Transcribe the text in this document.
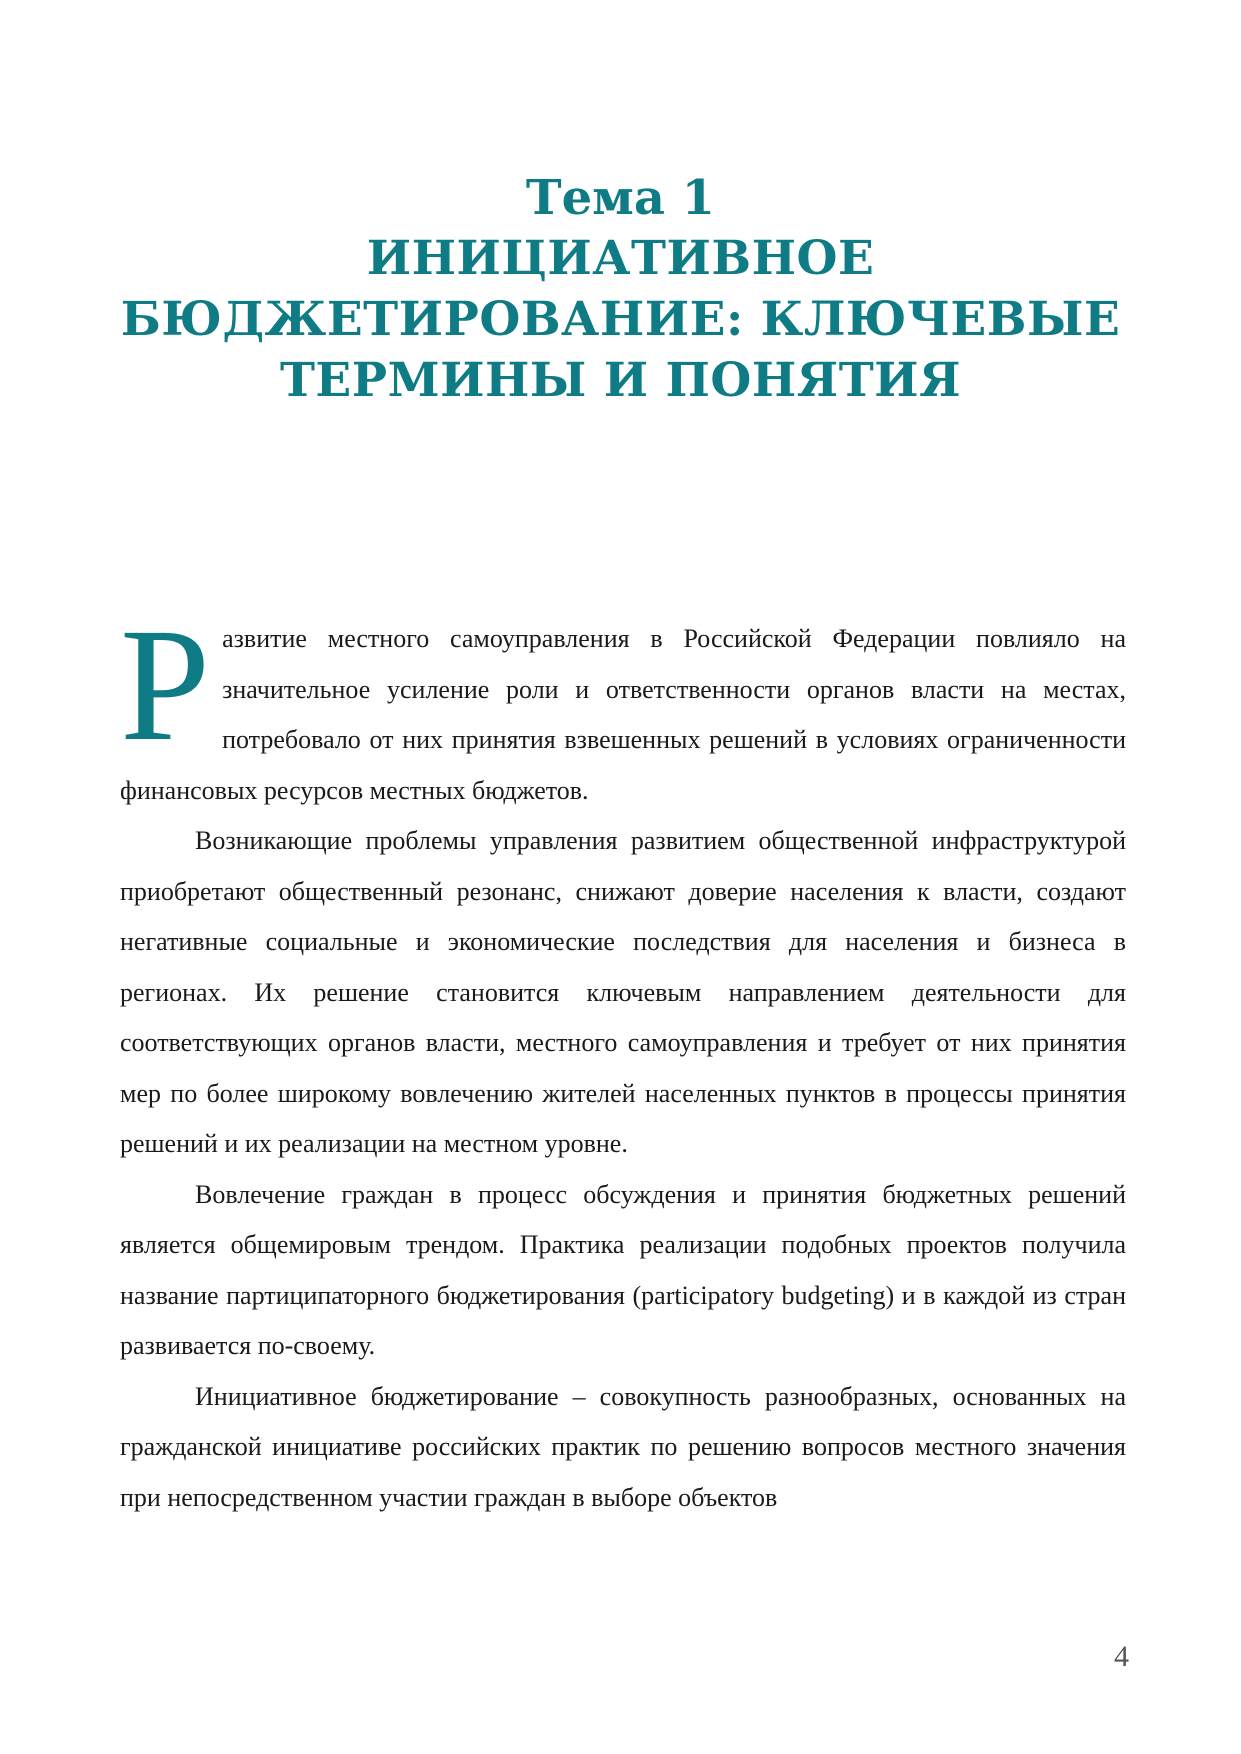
Тема 1
ИНИЦИАТИВНОЕ
БЮДЖЕТИРОВАНИЕ: КЛЮЧЕВЫЕ
ТЕРМИНЫ И ПОНЯТИЯ

Развитие местного самоуправления в Российской Федерации повлияло на значительное усиление роли и ответственности органов власти на местах, потребовало от них принятия взвешенных решений в условиях ограниченности финансовых ресурсов местных бюджетов.

Возникающие проблемы управления развитием общественной инфраструктурой приобретают общественный резонанс, снижают доверие населения к власти, создают негативные социальные и экономические последствия для населения и бизнеса в регионах. Их решение становится ключевым направлением деятельности для соответствующих органов власти, местного самоуправления и требует от них принятия мер по более широкому вовлечению жителей населенных пунктов в процессы принятия решений и их реализации на местном уровне.

Вовлечение граждан в процесс обсуждения и принятия бюджетных решений является общемировым трендом. Практика реализации подобных проектов получила название партиципаторного бюджетирования (participatory budgeting) и в каждой из стран развивается по-своему.

Инициативное бюджетирование – совокупность разнообразных, основанных на гражданской инициативе российских практик по решению вопросов местного значения при непосредственном участии граждан в выборе объектов

4
